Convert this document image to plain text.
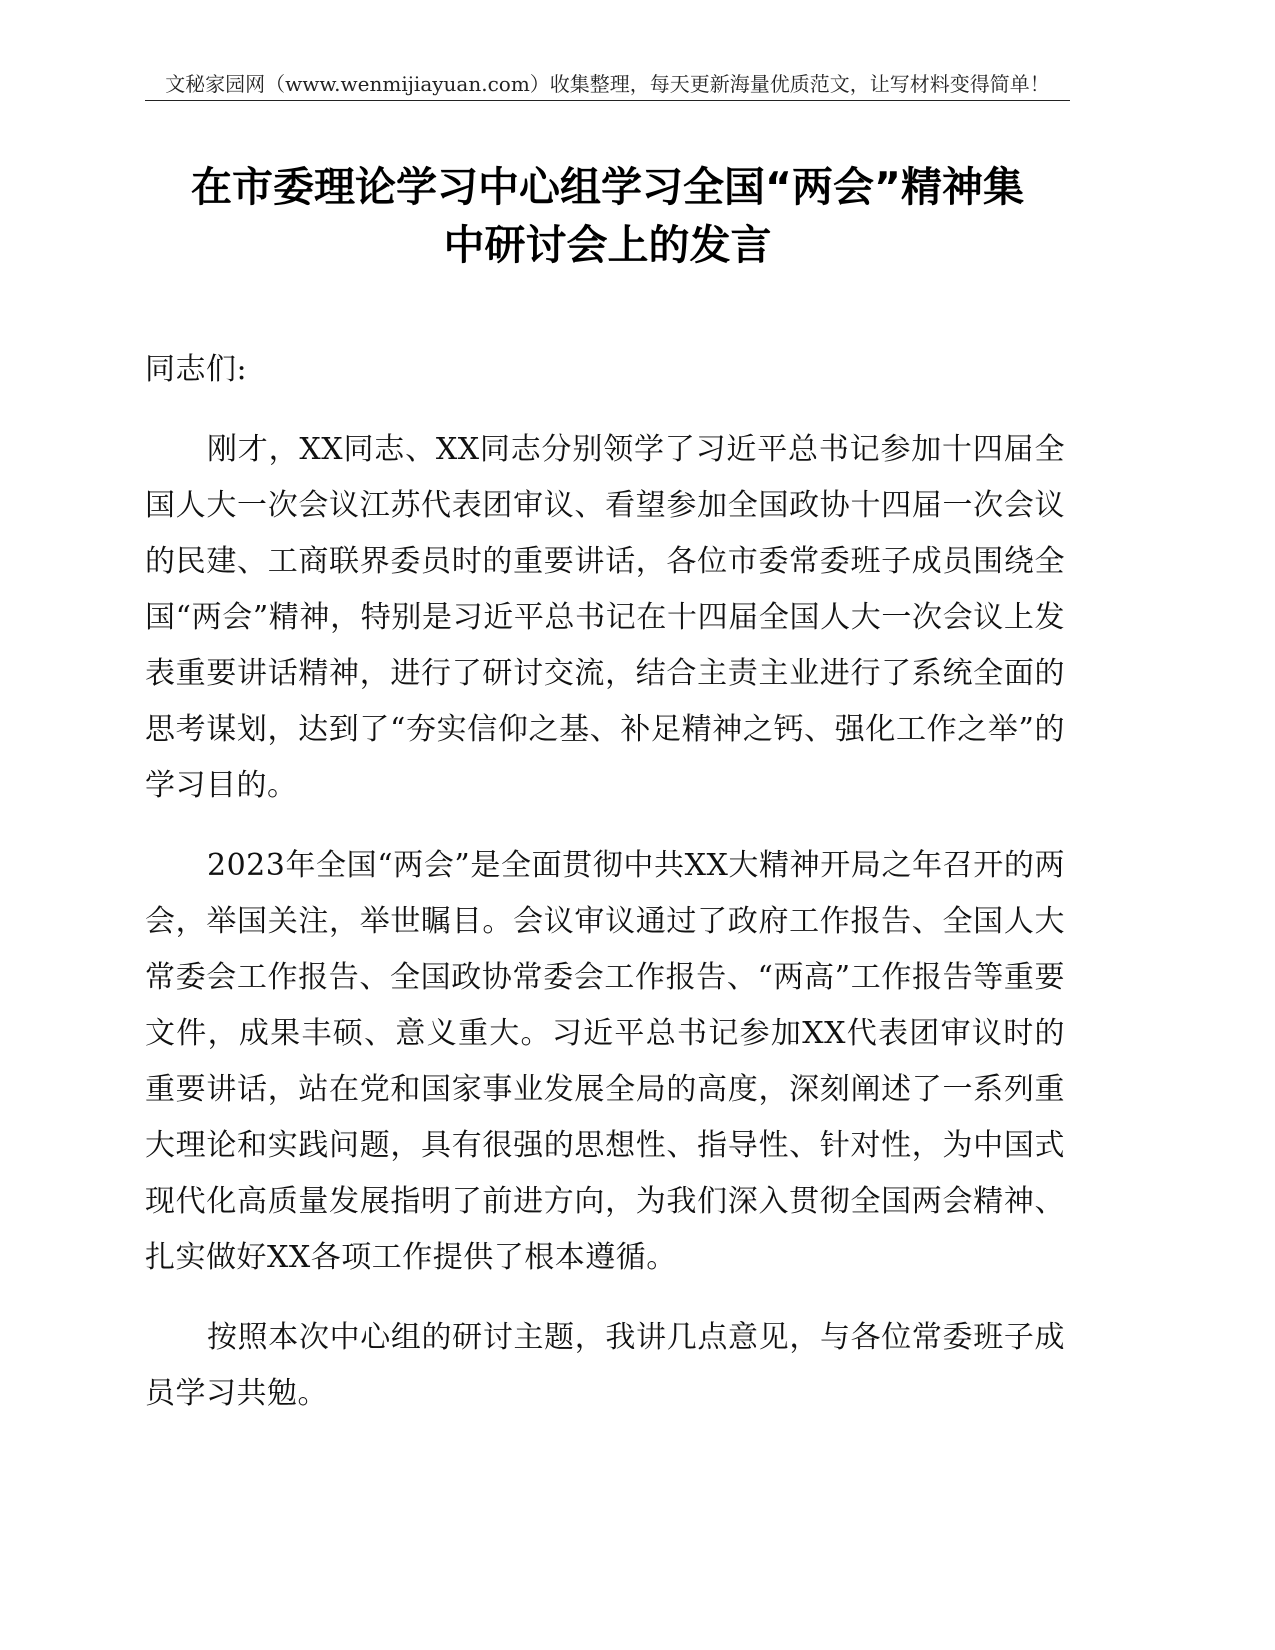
文秘家园网（www.wenmijiayuan.com）收集整理，每天更新海量优质范文，让写材料变得简单！
在市委理论学习中心组学习全国“两会”精神集
中研讨会上的发言

同志们:

刚才，XX同志、XX同志分别领学了习近平总书记参加十四届全国人大一次会议江苏代表团审议、看望参加全国政协十四届一次会议的民建、工商联界委员时的重要讲话，各位市委常委班子成员围绕全国“两会”精神，特别是习近平总书记在十四届全国人大一次会议上发表重要讲话精神，进行了研讨交流，结合主责主业进行了系统全面的思考谋划，达到了“夯实信仰之基、补足精神之钙、强化工作之举”的学习目的。

2023年全国“两会”是全面贯彻中共XX大精神开局之年召开的两会，举国关注，举世瞩目。会议审议通过了政府工作报告、全国人大常委会工作报告、全国政协常委会工作报告、“两高”工作报告等重要文件，成果丰硕、意义重大。习近平总书记参加XX代表团审议时的重要讲话，站在党和国家事业发展全局的高度，深刻阐述了一系列重大理论和实践问题，具有很强的思想性、指导性、针对性，为中国式现代化高质量发展指明了前进方向，为我们深入贯彻全国两会精神、扎实做好XX各项工作提供了根本遵循。

按照本次中心组的研讨主题，我讲几点意见，与各位常委班子成员学习共勉。
